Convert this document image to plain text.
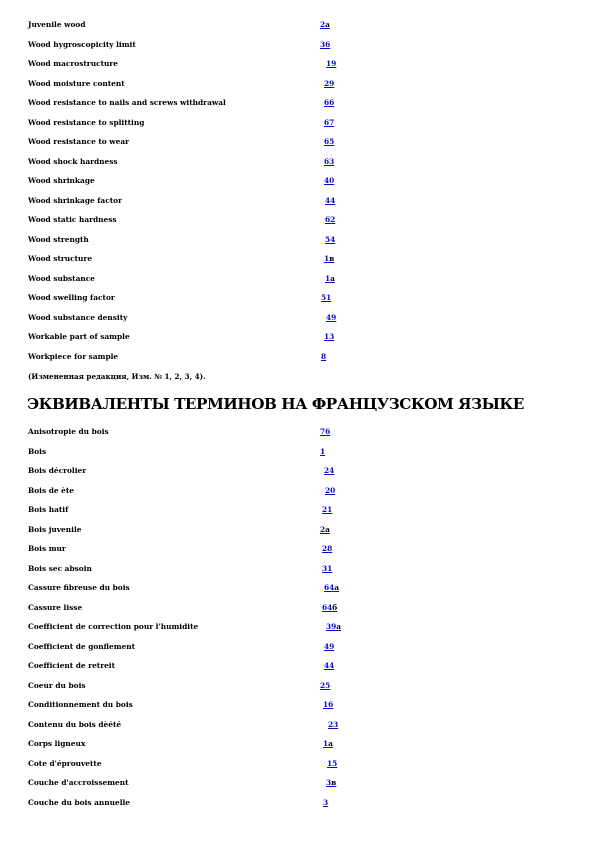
Juvenile wood	2a
Wood hygroscopicity limit	36
Wood macrostructure	19
Wood moisture content	29
Wood resistance to nails and screws withdrawal	66
Wood resistance to splitting	67
Wood resistance to wear	65
Wood shock hardness	63
Wood shrinkage	40
Wood shrinkage factor	44
Wood static hardness	62
Wood strength	54
Wood structure	1в
Wood substance	1а
Wood swelling factor	51
Wood substance density	49
Workable part of sample	13
Workpiece for sample	8
(Измененная редакция, Изм. № 1, 2, 3, 4).
ЭКВИВАЛЕНТЫ ТЕРМИНОВ НА ФРАНЦУЗСКОМ ЯЗЫКЕ
Anisotropie du bois	76
Bois	1
Bois décrolier	24
Bois de ète	20
Bois hatif	21
Bois juvenile	2а
Bois mur	28
Bois sec absoin	31
Cassure fibreuse du bois	64а
Cassure lisse	64б
Coefficient de correction pour l'humidite	39а
Coefficient de gonflement	49
Coefficient de retreit	44
Coeur du bois	25
Conditionnement du bois	16
Contenu du bois dèété	23
Corps ligneux	1а
Cote d'éprouvette	15
Couche d'accroissement	3в
Couche du bois annuelle	3
